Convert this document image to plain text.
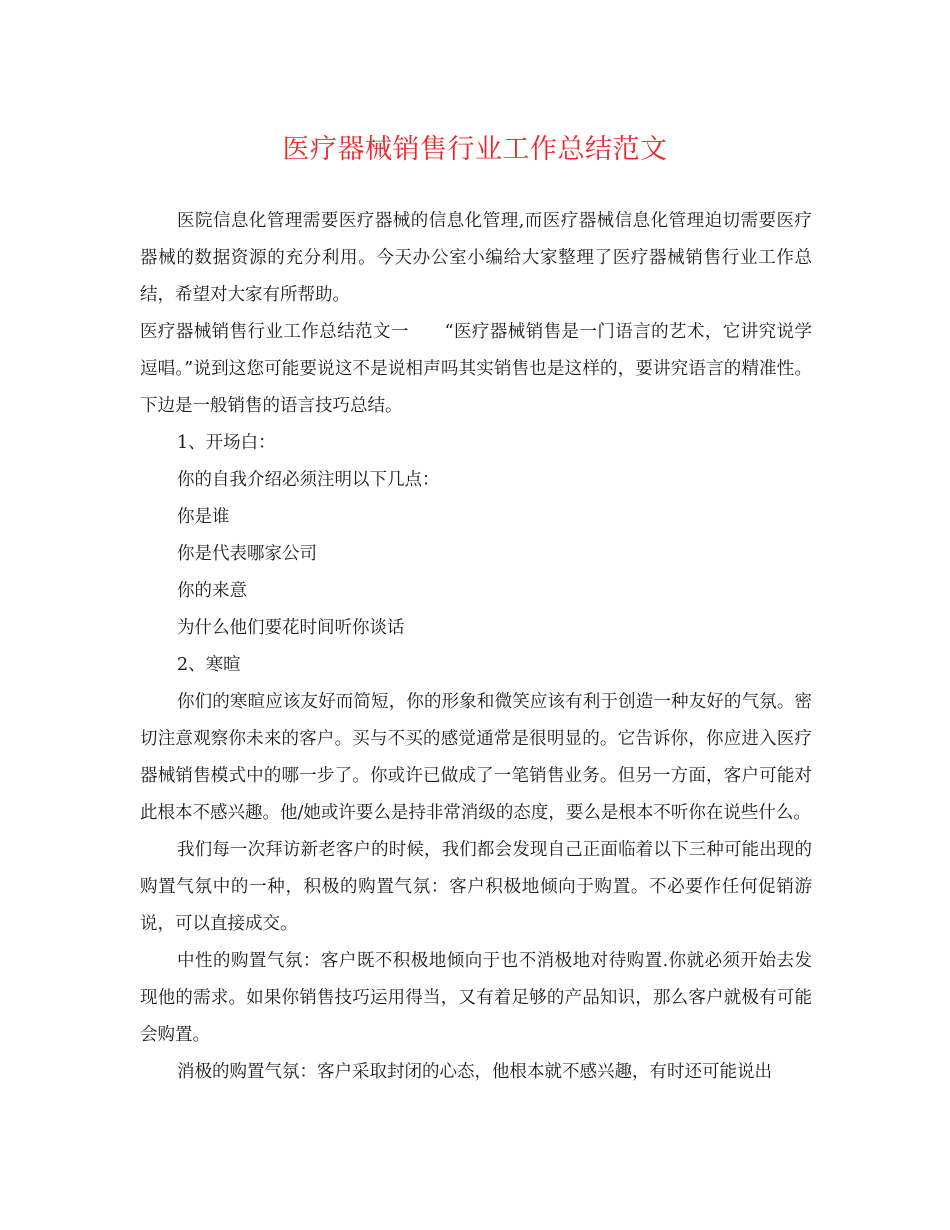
医疗器械销售行业工作总结范文

医院信息化管理需要医疗器械的信息化管理,而医疗器械信息化管理迫切需要医疗器械的数据资源的充分利用。今天办公室小编给大家整理了医疗器械销售行业工作总结，希望对大家有所帮助。

医疗器械销售行业工作总结范文一　　“医疗器械销售是一门语言的艺术，它讲究说学逗唱。”说到这您可能要说这不是说相声吗其实销售也是这样的，要讲究语言的精准性。下边是一般销售的语言技巧总结。

1、开场白：

你的自我介绍必须注明以下几点：

你是谁

你是代表哪家公司

你的来意

为什么他们要花时间听你谈话

2、寒暄

你们的寒暄应该友好而简短，你的形象和微笑应该有利于创造一种友好的气氛。密切注意观察你未来的客户。买与不买的感觉通常是很明显的。它告诉你，你应进入医疗器械销售模式中的哪一步了。你或许已做成了一笔销售业务。但另一方面，客户可能对此根本不感兴趣。他/她或许要么是持非常消级的态度，要么是根本不听你在说些什么。

我们每一次拜访新老客户的时候，我们都会发现自己正面临着以下三种可能出现的购置气氛中的一种，积极的购置气氛：客户积极地倾向于购置。不必要作任何促销游说，可以直接成交。

中性的购置气氛：客户既不积极地倾向于也不消极地对待购置.你就必须开始去发现他的需求。如果你销售技巧运用得当，又有着足够的产品知识，那么客户就极有可能会购置。

消极的购置气氛：客户采取封闭的心态，他根本就不感兴趣，有时还可能说出
